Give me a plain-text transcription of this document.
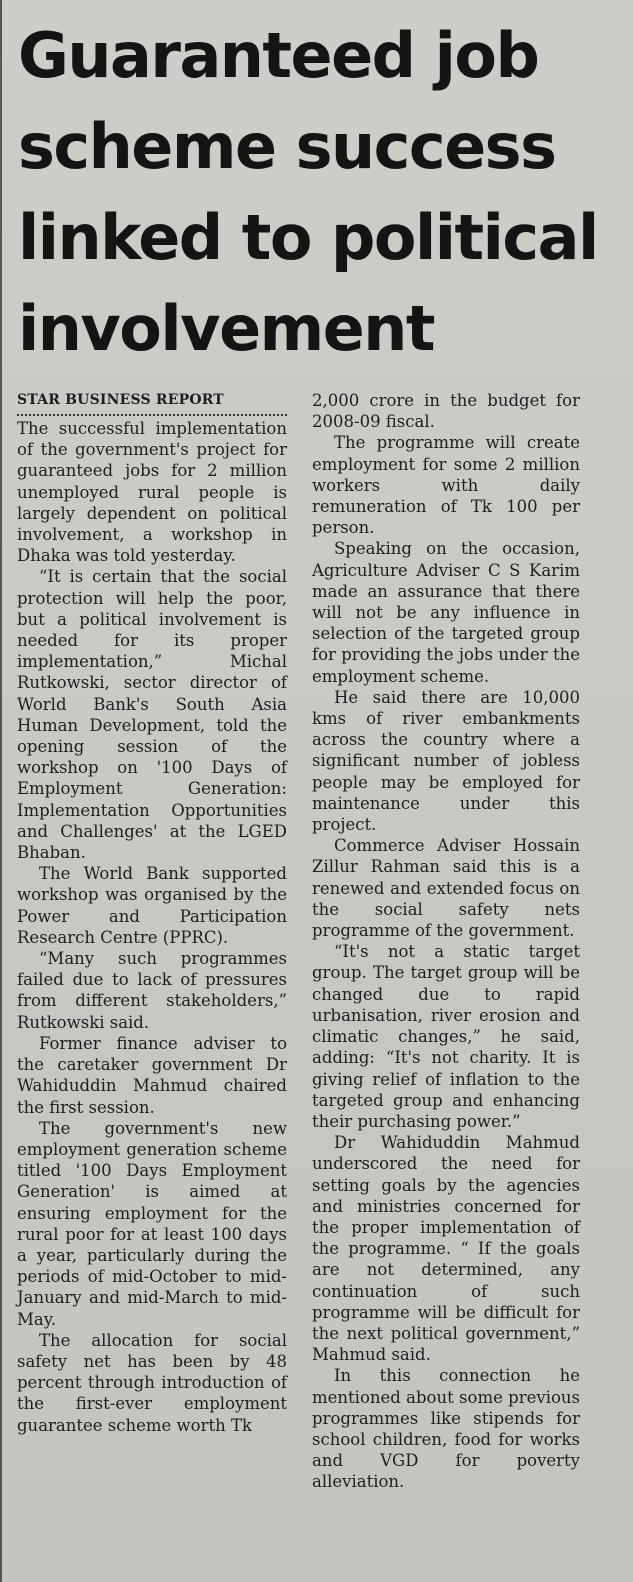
Guaranteed job
scheme success
linked to political
involvement
STAR BUSINESS REPORT

The successful implementation of the government's project for guaranteed jobs for 2 million unemployed rural people is largely dependent on political involvement, a workshop in Dhaka was told yesterday.

“It is certain that the social protection will help the poor, but a political involvement is needed for its proper implementation,” Michal Rutkowski, sector director of World Bank's South Asia Human Development, told the opening session of the workshop on '100 Days of Employment Generation: Implementation Opportunities and Challenges' at the LGED Bhaban.

The World Bank supported workshop was organised by the Power and Participation Research Centre (PPRC).

“Many such programmes failed due to lack of pressures from different stakeholders,” Rutkowski said.

Former finance adviser to the caretaker government Dr Wahiduddin Mahmud chaired the first session.

The government's new employment generation scheme titled '100 Days Employment Generation' is aimed at ensuring employment for the rural poor for at least 100 days a year, particularly during the periods of mid-October to mid-January and mid-March to mid-May.

The allocation for social safety net has been by 48 percent through introduction of the first-ever employment guarantee scheme worth Tk

2,000 crore in the budget for 2008-09 fiscal.

The programme will create employment for some 2 million workers with daily remuneration of Tk 100 per person.

Speaking on the occasion, Agriculture Adviser C S Karim made an assurance that there will not be any influence in selection of the targeted group for providing the jobs under the employment scheme.

He said there are 10,000 kms of river embankments across the country where a significant number of jobless people may be employed for maintenance under this project.

Commerce Adviser Hossain Zillur Rahman said this is a renewed and extended focus on the social safety nets programme of the government.

“It's not a static target group. The target group will be changed due to rapid urbanisation, river erosion and climatic changes,” he said, adding: “It's not charity. It is giving relief of inflation to the targeted group and enhancing their purchasing power.”

Dr Wahiduddin Mahmud underscored the need for setting goals by the agencies and ministries concerned for the proper implementation of the programme. “ If the goals are not determined, any continuation of such programme will be difficult for the next political government,” Mahmud said.

In this connection he mentioned about some previous programmes like stipends for school children, food for works and VGD for poverty alleviation.
